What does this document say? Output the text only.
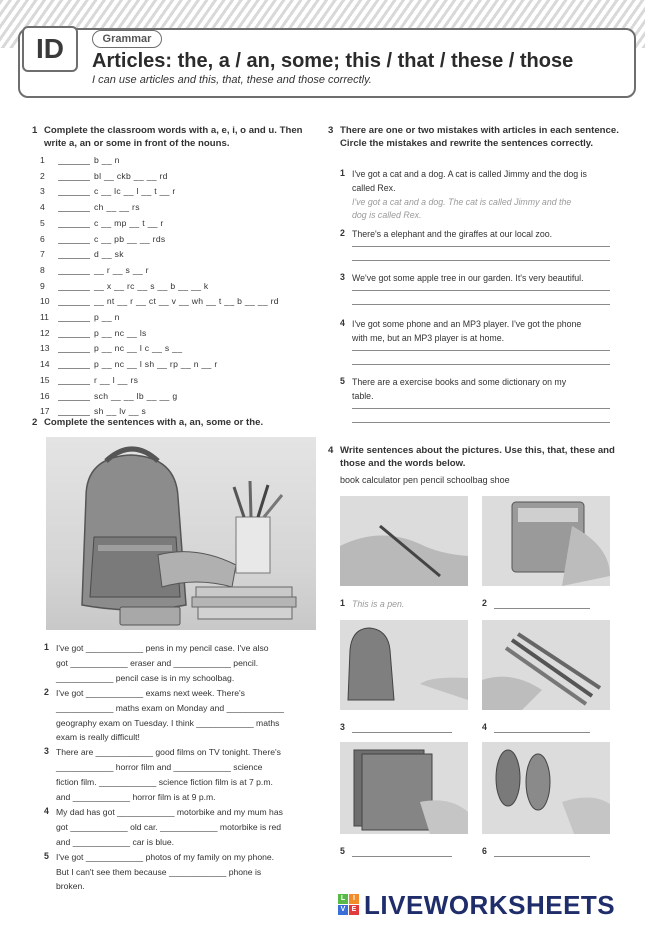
ID	Grammar
Articles: the, a / an, some; this / that / these / those
I can use articles and this, that, these and those correctly.
1 Complete the classroom words with a, e, i, o and u. Then write a, an or some in front of the nouns.
1	b __ n
2	bl __ ckb __ __ rd
3	c __ lc __ l __ t __ r
4	ch __ __ rs
5	c __ mp __ t __ r
6	c __ pb __ __ rds
7	d __ sk
8	__ r __ s __ r
9	__ x __ rc __ s __ b __ __ k
10	__ nt __ r __ ct __ v __ wh __ t __ b __ __ rd
11	p __ n
12	p __ nc __ ls
13	p __ nc __ l c __ s __
14	p __ nc __ l sh __ rp __ n __ r
15	r __ l __ rs
16	sch __ __ lb __ __ g
17	sh __ lv __ s
2 Complete the sentences with a, an, some or the.
1 I've got ____________ pens in my pencil case. I've also
got ____________ eraser and ____________ pencil.
____________ pencil case is in my schoolbag.
2 I've got ____________ exams next week. There's
____________ maths exam on Monday and ____________
geography exam on Tuesday. I think ____________ maths
exam is really difficult!
3 There are ____________ good films on TV tonight. There's
____________ horror film and ____________ science
fiction film. ____________ science fiction film is at 7 p.m.
and ____________ horror film is at 9 p.m.
4 My dad has got ____________ motorbike and my mum has
got ____________ old car. ____________ motorbike is red
and ____________ car is blue.
5 I've got ____________ photos of my family on my phone.
But I can't see them because ____________ phone is
broken.
3 There are one or two mistakes with articles in each sentence. Circle the mistakes and rewrite the sentences correctly.
1 I've got a cat and a dog. A cat is called Jimmy and the dog is
called Rex.
I've got a cat and a dog. The cat is called Jimmy and the
dog is called Rex.
2 There's a elephant and the giraffes at our local zoo.
3 We've got some apple tree in our garden. It's very beautiful.
4 I've got some phone and an MP3 player. I've got the phone
with me, but an MP3 player is at home.
5 There are a exercise books and some dictionary on my
table.
4 Write sentences about the pictures. Use this, that, these and those and the words below.
book calculator pen pencil schoolbag shoe
1 This is a pen.	2
3	4
5	6
L	I
V E LIVEWORKSHEETS
